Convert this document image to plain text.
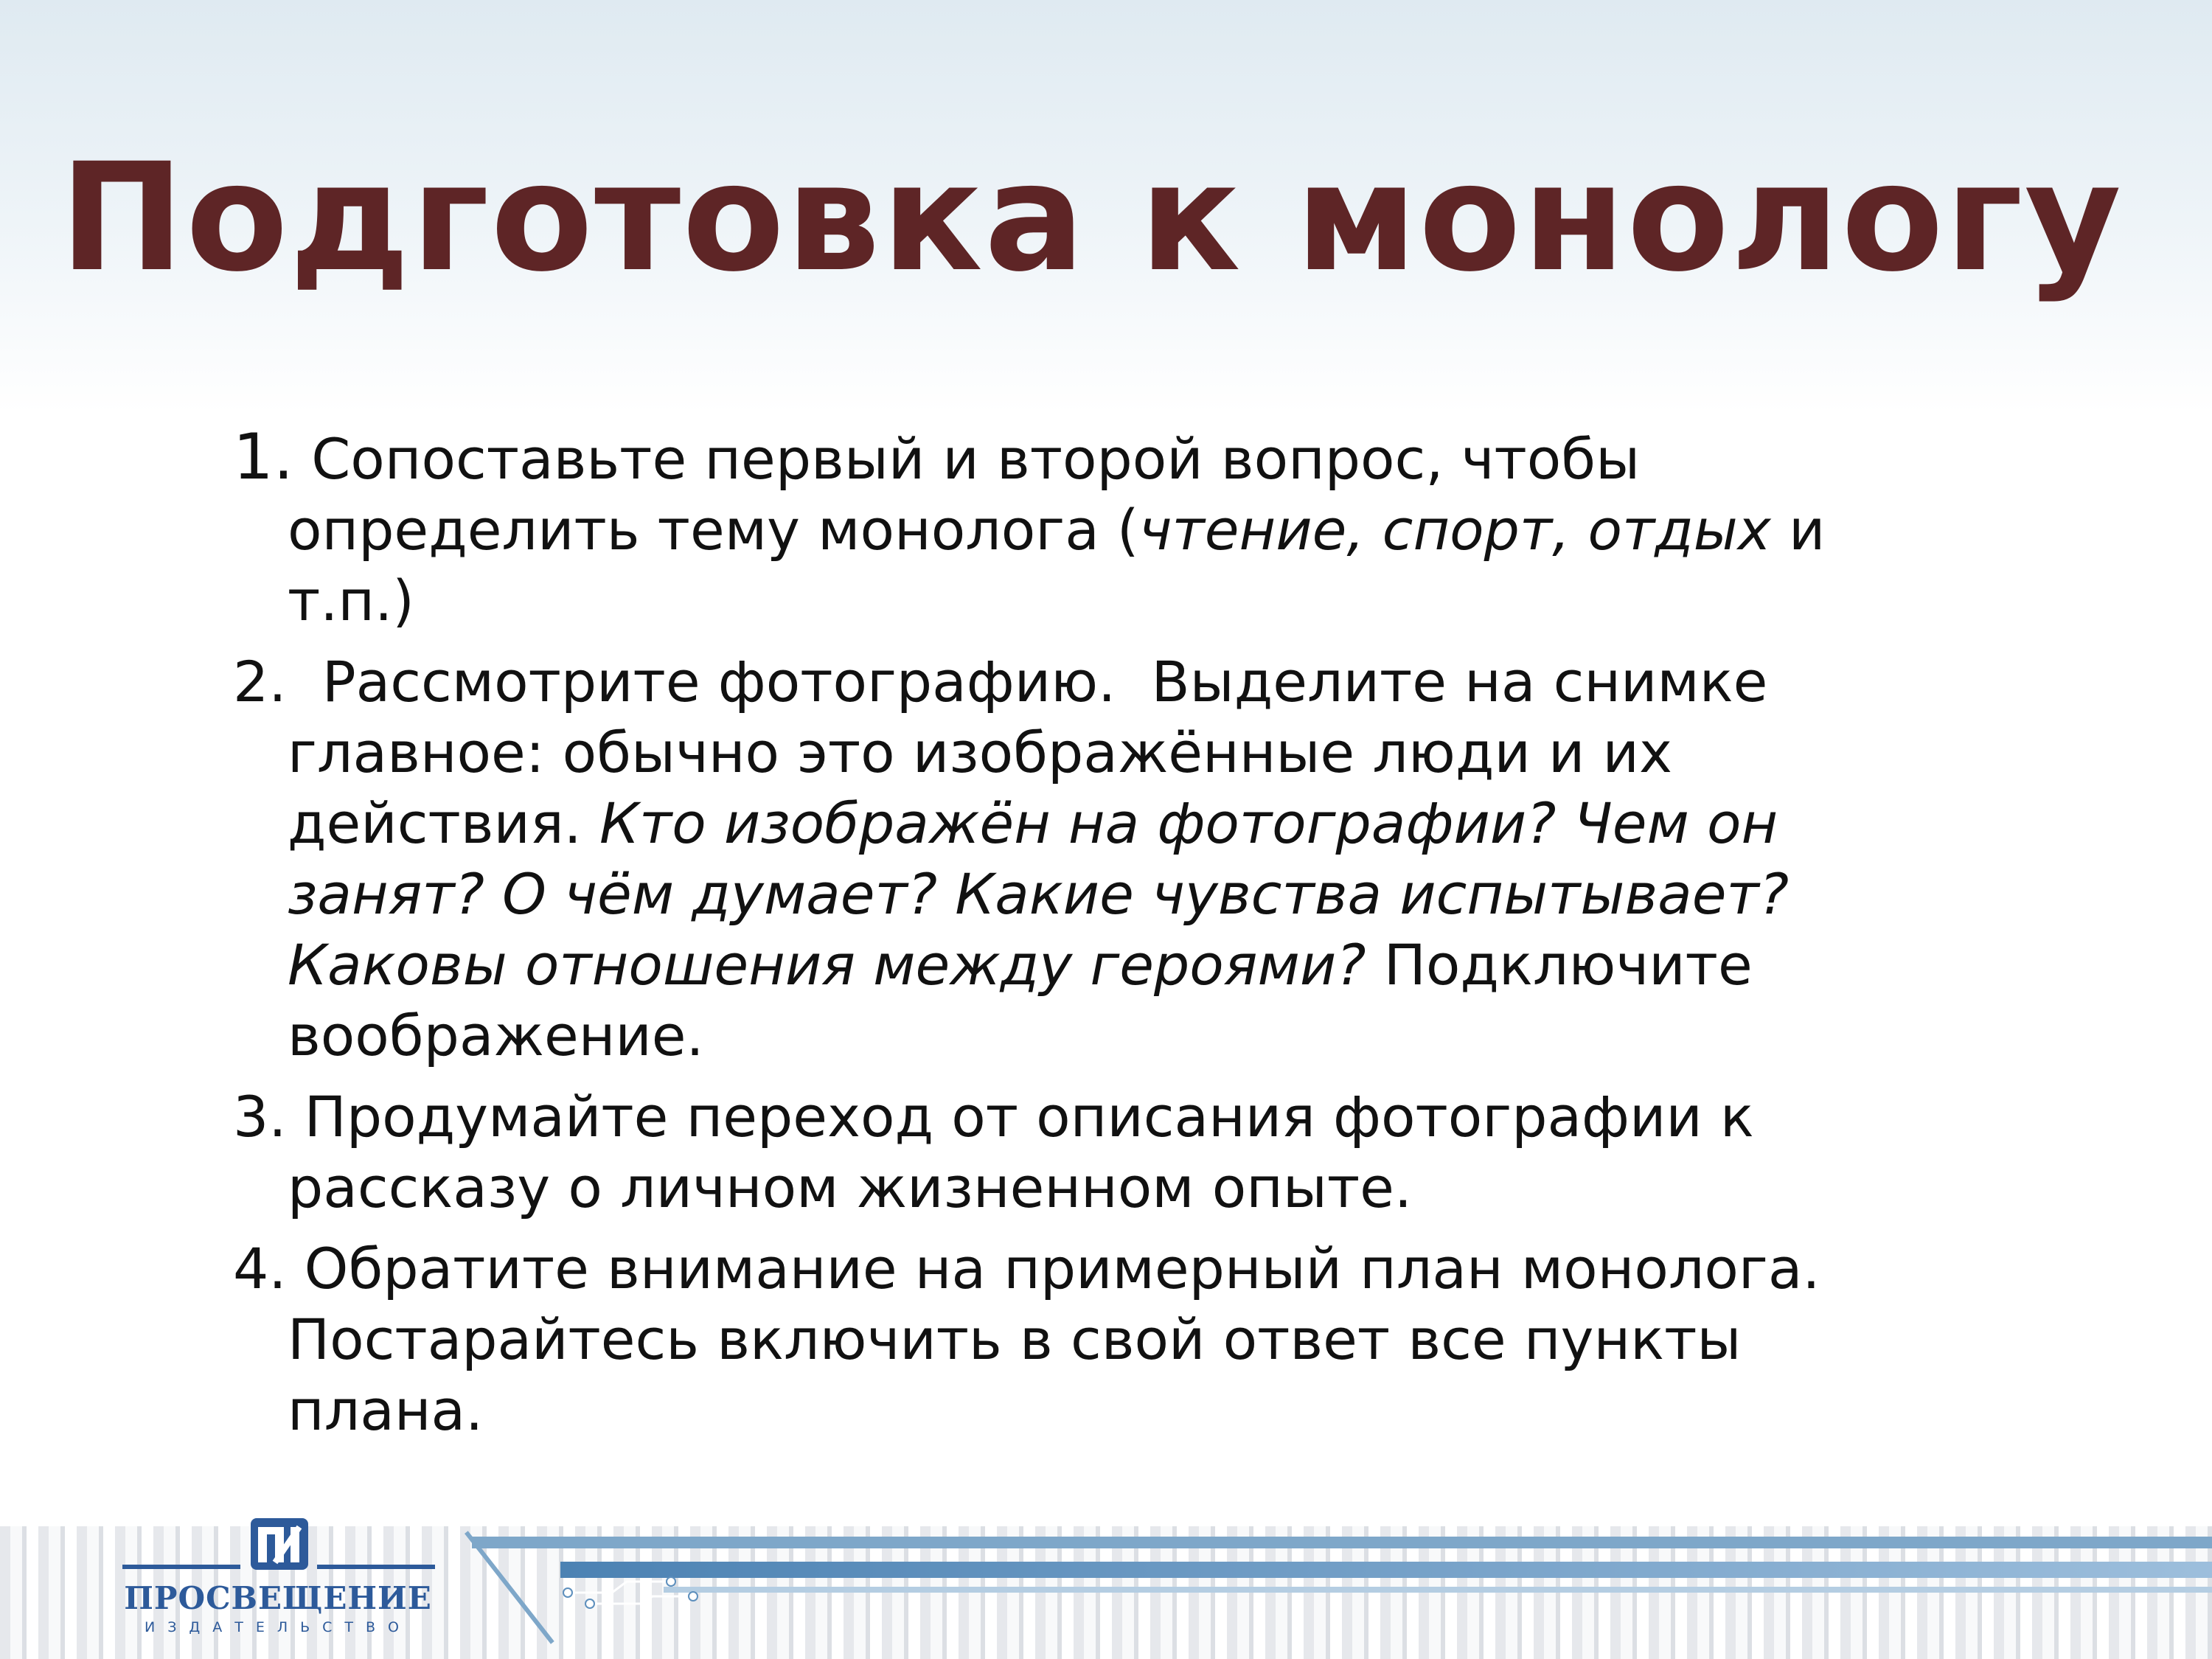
Подготовка к монологу
1. Сопоставьте первый и второй вопрос, чтобы определить тему монолога (чтение, спорт, отдых и т.п.)
2.  Рассмотрите фотографию.  Выделите на снимке главное: обычно это изображённые люди и их действия. Кто изображён на фотографии? Чем он занят? О чём думает? Какие чувства испытывает? Каковы отношения между героями? Подключите воображение.
3. Продумайте переход от описания фотографии к рассказу о личном жизненном опыте.
4. Обратите внимание на примерный план монолога. Постарайтесь включить в свой ответ все пункты плана.
ПРОСВЕЩЕНИЕ
ИЗДАТЕЛЬСТВО
